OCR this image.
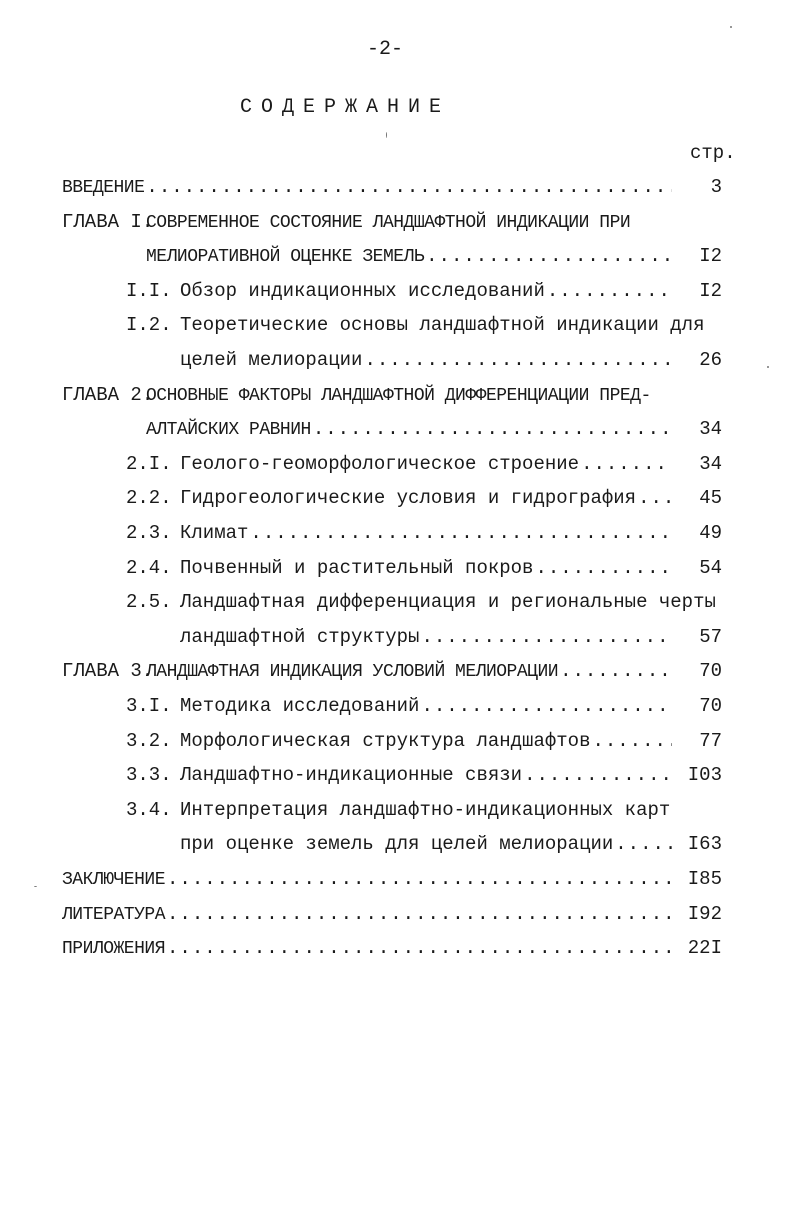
-2-
СОДЕРЖАНИЕ
стр.
ВВЕДЕНИЕ .....	3
ГЛАВА I.
СОВРЕМЕННОЕ СОСТОЯНИЕ ЛАНДШАФТНОЙ ИНДИКАЦИИ ПРИ
МЕЛИОРАТИВНОЙ ОЦЕНКЕ ЗЕМЕЛЬ .....	I2
I.I. Обзор индикационных исследований .....	I2
I.2. Теоретические основы ландшафтной индикации для
целей мелиорации .....	26
ГЛАВА 2.
ОСНОВНЫЕ ФАКТОРЫ ЛАНДШАФТНОЙ ДИФФЕРЕНЦИАЦИИ ПРЕД-
АЛТАЙСКИХ РАВНИН .....	34
2.I. Геолого-геоморфологическое строение .....	34
2.2. Гидрогеологические условия и гидрография .....	45
2.3. Климат .....	49
2.4. Почвенный и растительный покров .....	54
2.5. Ландшафтная дифференциация и региональные черты
ландшафтной структуры .....	57
ГЛАВА 3.
ЛАНДШАФТНАЯ ИНДИКАЦИЯ УСЛОВИЙ МЕЛИОРАЦИИ .....	70
3.I. Методика исследований .....	70
3.2. Морфологическая структура ландшафтов .....	77
3.3. Ландшафтно-индикационные связи .....	I03
3.4. Интерпретация ландшафтно-индикационных карт
при оценке земель для целей мелиорации .....	I63
ЗАКЛЮЧЕНИЕ .....	I85
ЛИТЕРАТУРА .....	I92
ПРИЛОЖЕНИЯ .....	22I
